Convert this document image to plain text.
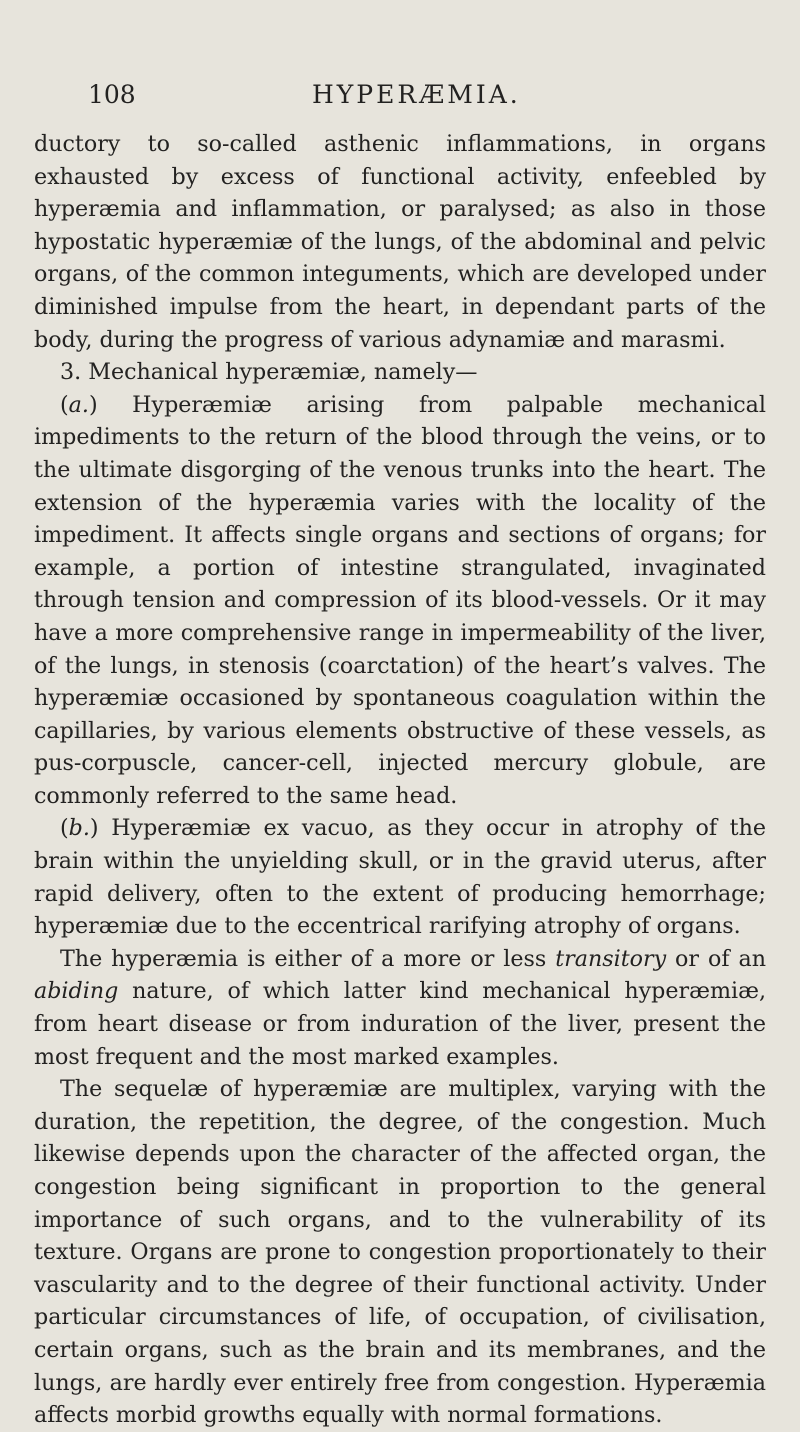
108	HYPERÆMIA.

ductory to so-called asthenic inflammations, in organs exhausted by excess of functional activity, enfeebled by hyperæmia and inflammation, or paralysed; as also in those hypostatic hyperæmiæ of the lungs, of the abdominal and pelvic organs, of the common integuments, which are developed under diminished impulse from the heart, in dependant parts of the body, during the progress of various adynamiæ and marasmi.

3. Mechanical hyperæmiæ, namely—

(a.) Hyperæmiæ arising from palpable mechanical impediments to the return of the blood through the veins, or to the ultimate disgorging of the venous trunks into the heart. The extension of the hyperæmia varies with the locality of the impediment. It affects single organs and sections of organs; for example, a portion of intestine strangulated, invaginated through tension and compression of its blood-vessels. Or it may have a more comprehensive range in impermeability of the liver, of the lungs, in stenosis (coarctation) of the heart’s valves. The hyperæmiæ occasioned by spontaneous coagulation within the capillaries, by various elements obstructive of these vessels, as pus-corpuscle, cancer-cell, injected mercury globule, are commonly referred to the same head.

(b.) Hyperæmiæ ex vacuo, as they occur in atrophy of the brain within the unyielding skull, or in the gravid uterus, after rapid delivery, often to the extent of producing hemorrhage; hyperæmiæ due to the eccentrical rarifying atrophy of organs.

The hyperæmia is either of a more or less transitory or of an abiding nature, of which latter kind mechanical hyperæmiæ, from heart disease or from induration of the liver, present the most frequent and the most marked examples.

The sequelæ of hyperæmiæ are multiplex, varying with the duration, the repetition, the degree, of the congestion. Much likewise depends upon the character of the affected organ, the congestion being significant in proportion to the general importance of such organs, and to the vulnerability of its texture. Organs are prone to congestion proportionately to their vascularity and to the degree of their functional activity. Under particular circumstances of life, of occupation, of civilisation, certain organs, such as the brain and its membranes, and the lungs, are hardly ever entirely free from congestion. Hyperæmia affects morbid growths equally with normal formations.
